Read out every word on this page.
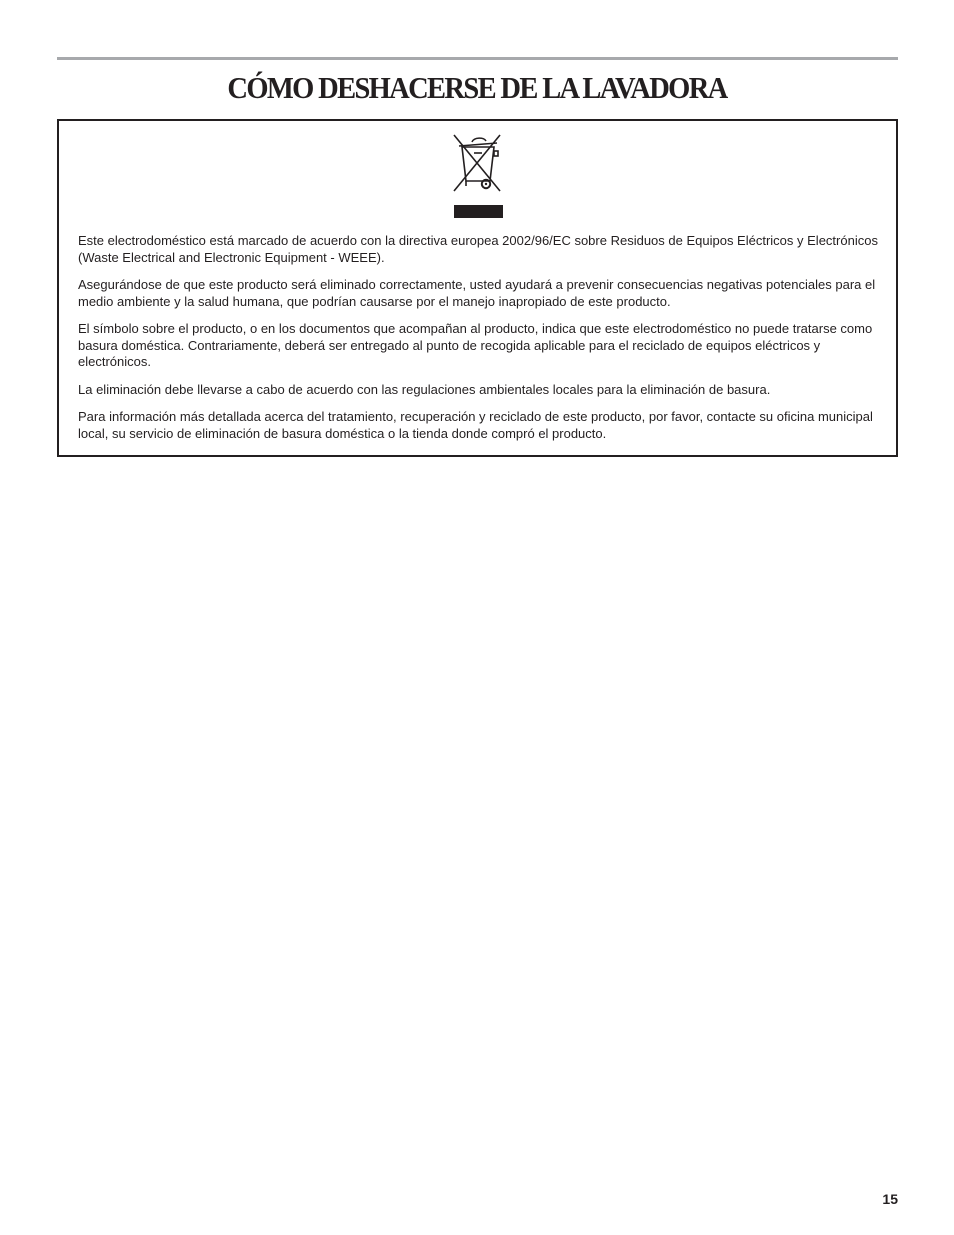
CÓMO DESHACERSE DE LA LAVADORA

Este electrodoméstico está marcado de acuerdo con la directiva europea 2002/96/EC sobre Residuos de Equipos Eléctricos y Electrónicos (Waste Electrical and Electronic Equipment - WEEE).

Asegurándose de que este producto será eliminado correctamente, usted ayudará a prevenir consecuencias negativas potenciales para el medio ambiente y la salud humana, que podrían causarse por el manejo inapropiado de este producto.

El símbolo sobre el producto, o en los documentos que acompañan al producto, indica que este electrodoméstico no puede tratarse como basura doméstica. Contrariamente, deberá ser entregado al punto de recogida aplicable para el reciclado de equipos eléctricos y electrónicos.

La eliminación debe llevarse a cabo de acuerdo con las regulaciones ambientales locales para la eliminación de basura.

Para información más detallada acerca del tratamiento, recuperación y reciclado de este producto, por favor, contacte su oficina municipal local, su servicio de eliminación de basura doméstica o la tienda donde compró el producto.

15
